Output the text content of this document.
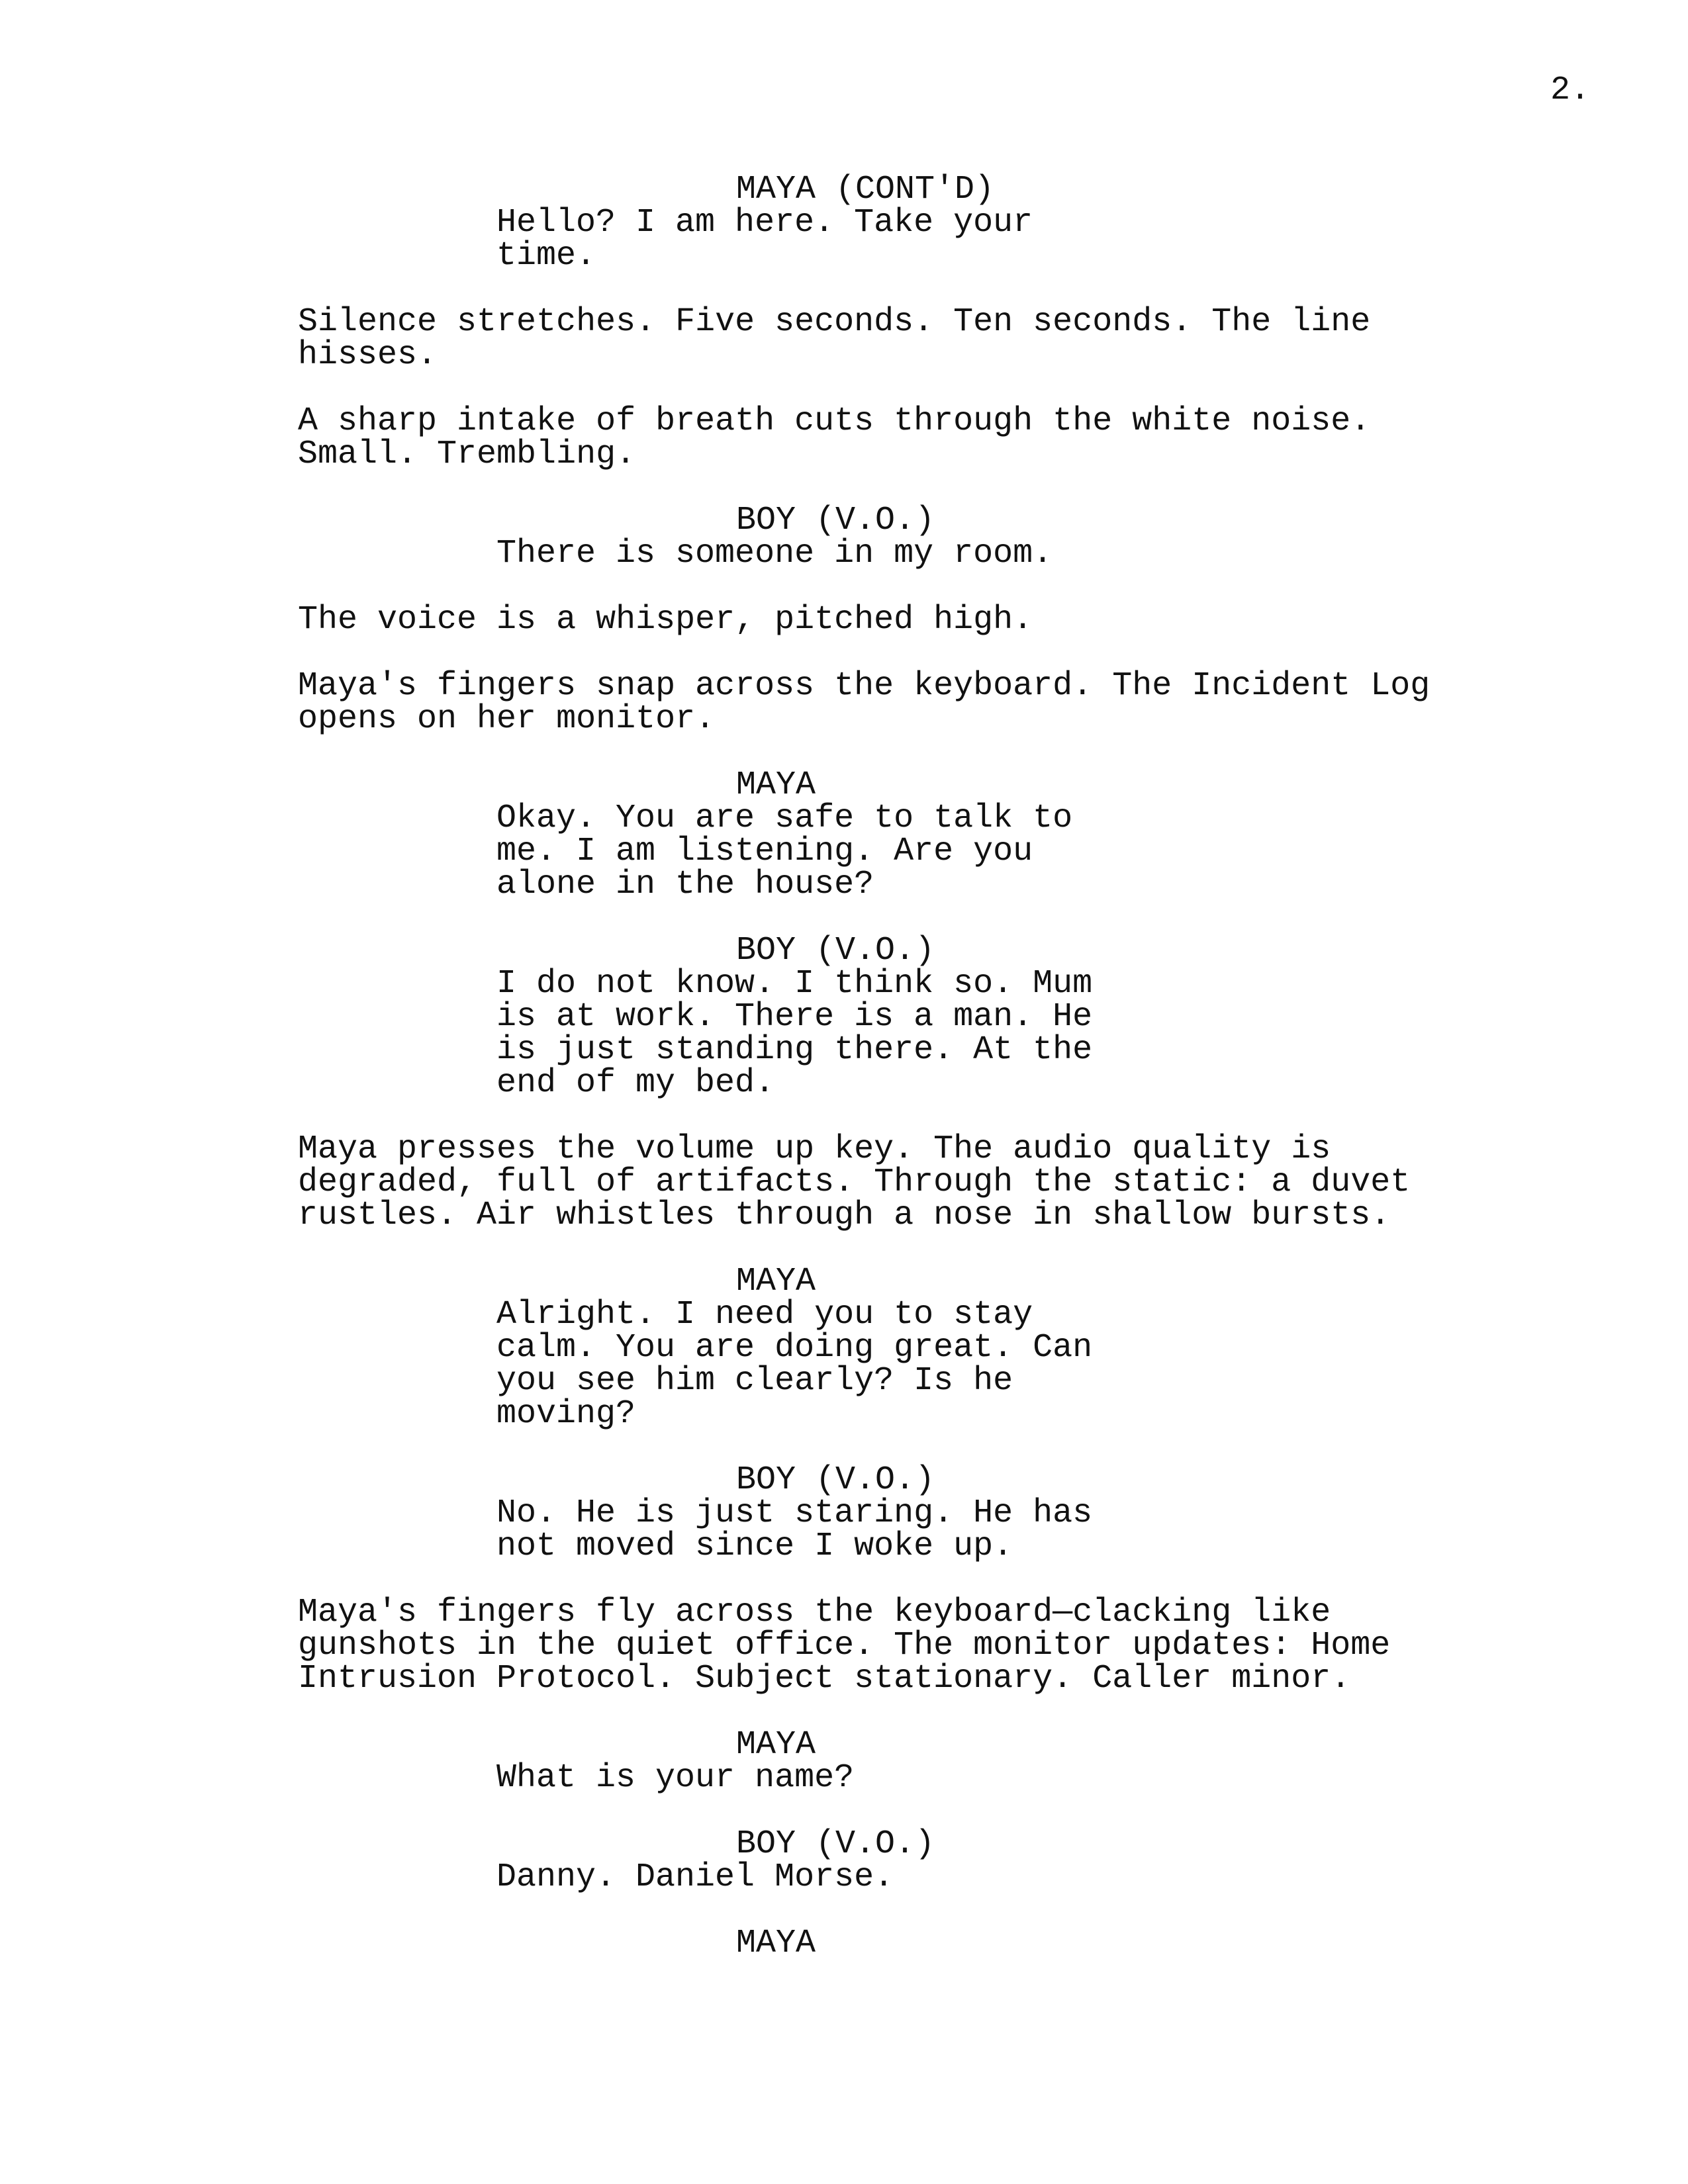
2.
MAYA (CONT'D)
Hello? I am here. Take your
time.
Silence stretches. Five seconds. Ten seconds. The line
hisses.
A sharp intake of breath cuts through the white noise.
Small. Trembling.
BOY (V.O.)
There is someone in my room.
The voice is a whisper, pitched high.
Maya's fingers snap across the keyboard. The Incident Log
opens on her monitor.
MAYA
Okay. You are safe to talk to
me. I am listening. Are you
alone in the house?
BOY (V.O.)
I do not know. I think so. Mum
is at work. There is a man. He
is just standing there. At the
end of my bed.
Maya presses the volume up key. The audio quality is
degraded, full of artifacts. Through the static: a duvet
rustles. Air whistles through a nose in shallow bursts.
MAYA
Alright. I need you to stay
calm. You are doing great. Can
you see him clearly? Is he
moving?
BOY (V.O.)
No. He is just staring. He has
not moved since I woke up.
Maya's fingers fly across the keyboard—clacking like
gunshots in the quiet office. The monitor updates: Home
Intrusion Protocol. Subject stationary. Caller minor.
MAYA
What is your name?
BOY (V.O.)
Danny. Daniel Morse.
MAYA
